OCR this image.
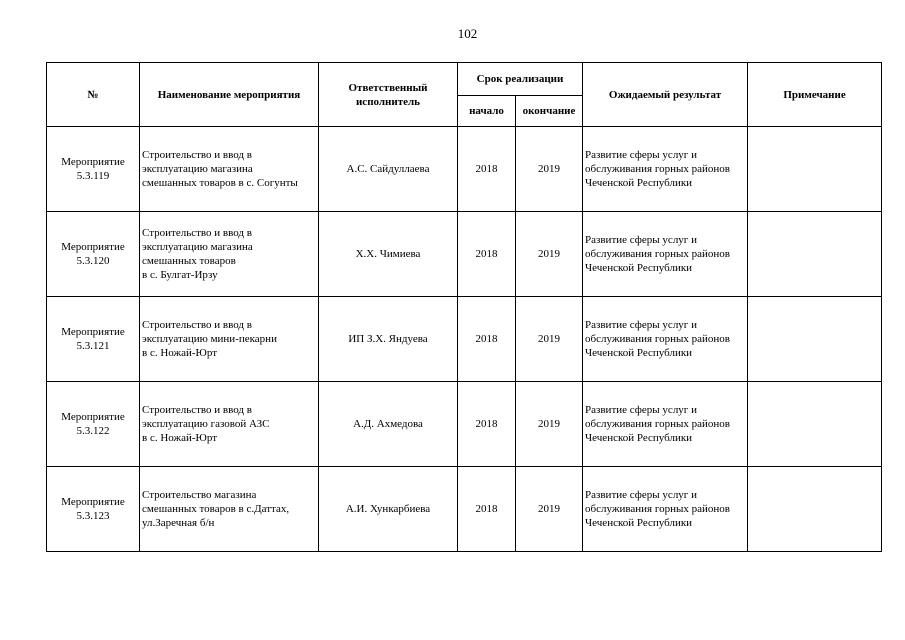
102
№	Наименование мероприятия	Ответственный исполнитель	Срок реализации		Ожидаемый результат	Примечание
			начало	окончание		

Мероприятие
5.3.119	Строительство и ввод в
эксплуатацию магазина
смешанных товаров в с. Согунты	А.С. Сайдуллаева	2018	2019	Развитие сферы услуг и
обслуживания горных районов
Чеченской Республики	

Мероприятие
5.3.120	Строительство и ввод в
эксплуатацию магазина
смешанных товаров
в с. Булгат-Ирзу	Х.Х. Чимиева	2018	2019	Развитие сферы услуг и
обслуживания горных районов
Чеченской Республики	

Мероприятие
5.3.121	Строительство и ввод в
эксплуатацию мини-пекарни
в с. Ножай-Юрт	ИП З.Х. Яндуева	2018	2019	Развитие сферы услуг и
обслуживания горных районов
Чеченской Республики	

Мероприятие
5.3.122	Строительство и ввод в
эксплуатацию газовой АЗС
в с. Ножай-Юрт	А.Д. Ахмедова	2018	2019	Развитие сферы услуг и
обслуживания горных районов
Чеченской Республики	

Мероприятие
5.3.123	Строительство магазина
смешанных товаров в с.Даттах,
ул.Заречная б/н	А.И. Хункарбиева	2018	2019	Развитие сферы услуг и
обслуживания горных районов
Чеченской Республики	
